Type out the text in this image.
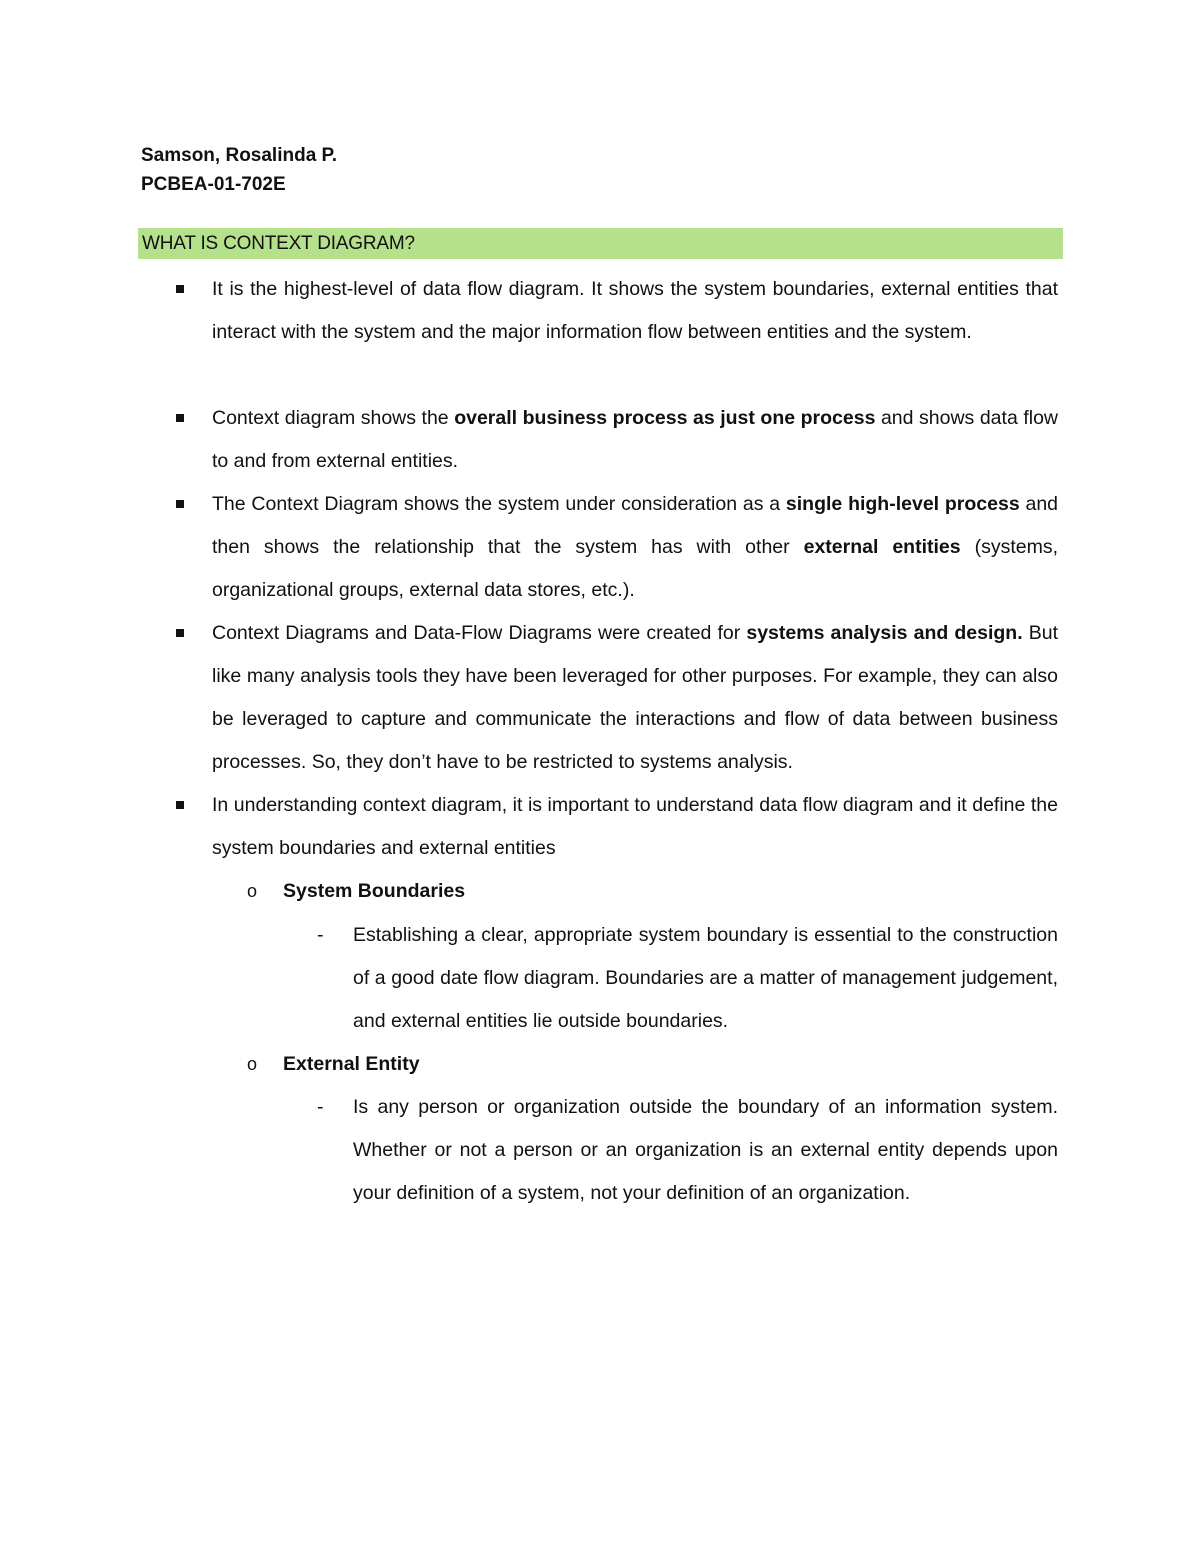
Samson, Rosalinda P.
PCBEA-01-702E
WHAT IS CONTEXT DIAGRAM?
It is the highest-level of data flow diagram. It shows the system boundaries, external entities that interact with the system and the major information flow between entities and the system.
Context diagram shows the overall business process as just one process and shows data flow to and from external entities.
The Context Diagram shows the system under consideration as a single high-level process and then shows the relationship that the system has with other external entities (systems, organizational groups, external data stores, etc.).
Context Diagrams and Data-Flow Diagrams were created for systems analysis and design. But like many analysis tools they have been leveraged for other purposes. For example, they can also be leveraged to capture and communicate the interactions and flow of data between business processes. So, they don’t have to be restricted to systems analysis.
In understanding context diagram, it is important to understand data flow diagram and it define the system boundaries and external entities
o System Boundaries
- Establishing a clear, appropriate system boundary is essential to the construction of a good date flow diagram. Boundaries are a matter of management judgement, and external entities lie outside boundaries.
o External Entity
- Is any person or organization outside the boundary of an information system. Whether or not a person or an organization is an external entity depends upon your definition of a system, not your definition of an organization.
